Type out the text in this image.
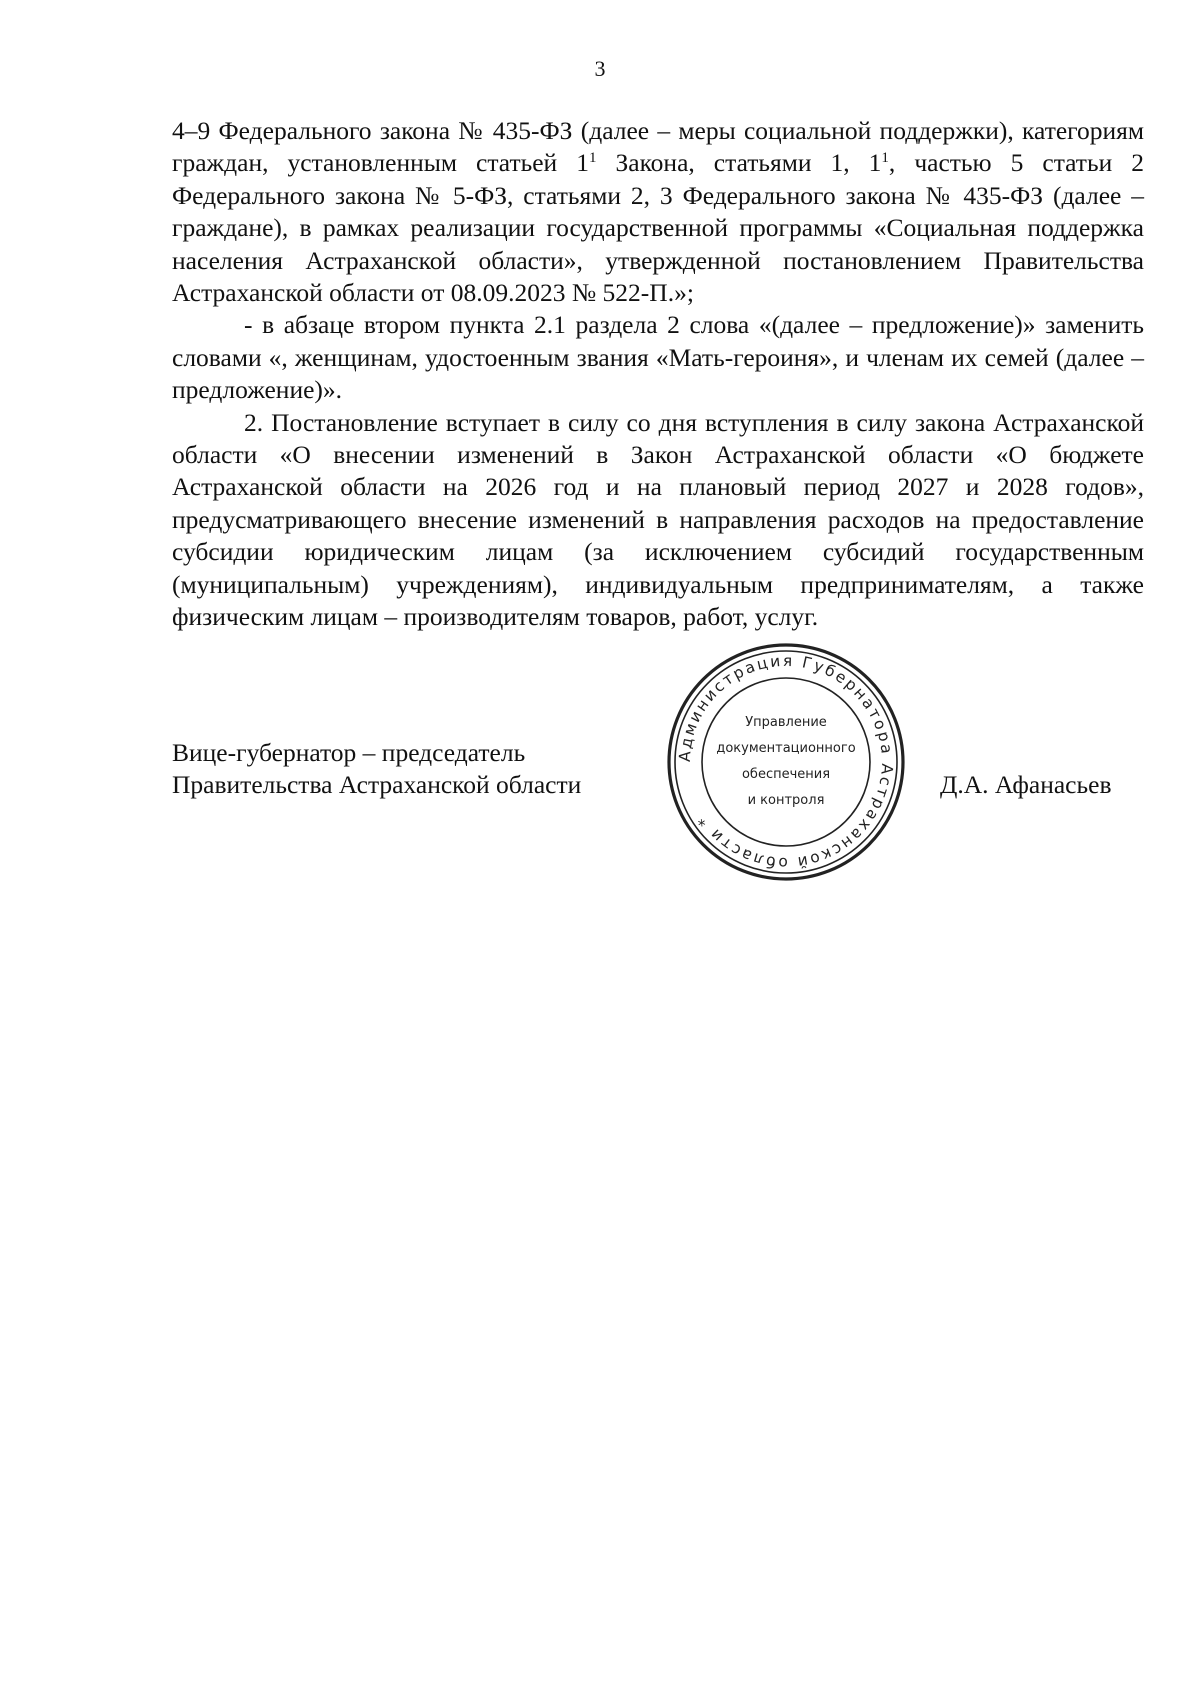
3

4–9 Федерального закона № 435-ФЗ (далее – меры социальной поддержки), категориям граждан, установленным статьей $1^1$ Закона, статьями 1, $1^1$, частью 5 статьи 2 Федерального закона № 5-ФЗ, статьями 2, 3 Федерального закона № 435-ФЗ (далее – граждане), в рамках реализации государственной программы «Социальная поддержка населения Астраханской области», утвержденной постановлением Правительства Астраханской области от 08.09.2023 № 522-П.»;

- в абзаце втором пункта 2.1 раздела 2 слова «(далее – предложение)» заменить словами «, женщинам, удостоенным звания «Мать-героиня», и членам их семей (далее – предложение)».

2. Постановление вступает в силу со дня вступления в силу закона Астраханской области «О внесении изменений в Закон Астраханской области «О бюджете Астраханской области на 2026 год и на плановый период 2027 и 2028 годов», предусматривающего внесение изменений в направления расходов на предоставление субсидии юридическим лицам (за исключением субсидий государственным (муниципальным) учреждениям), индивидуальным предпринимателям, а также физическим лицам – производителям товаров, работ, услуг.

Вице-губернатор – председатель
Правительства Астраханской области
Администрация Губернатора Астраханской области *
Управление
документационного
обеспечения
и контроля
Д.А. Афанасьев
